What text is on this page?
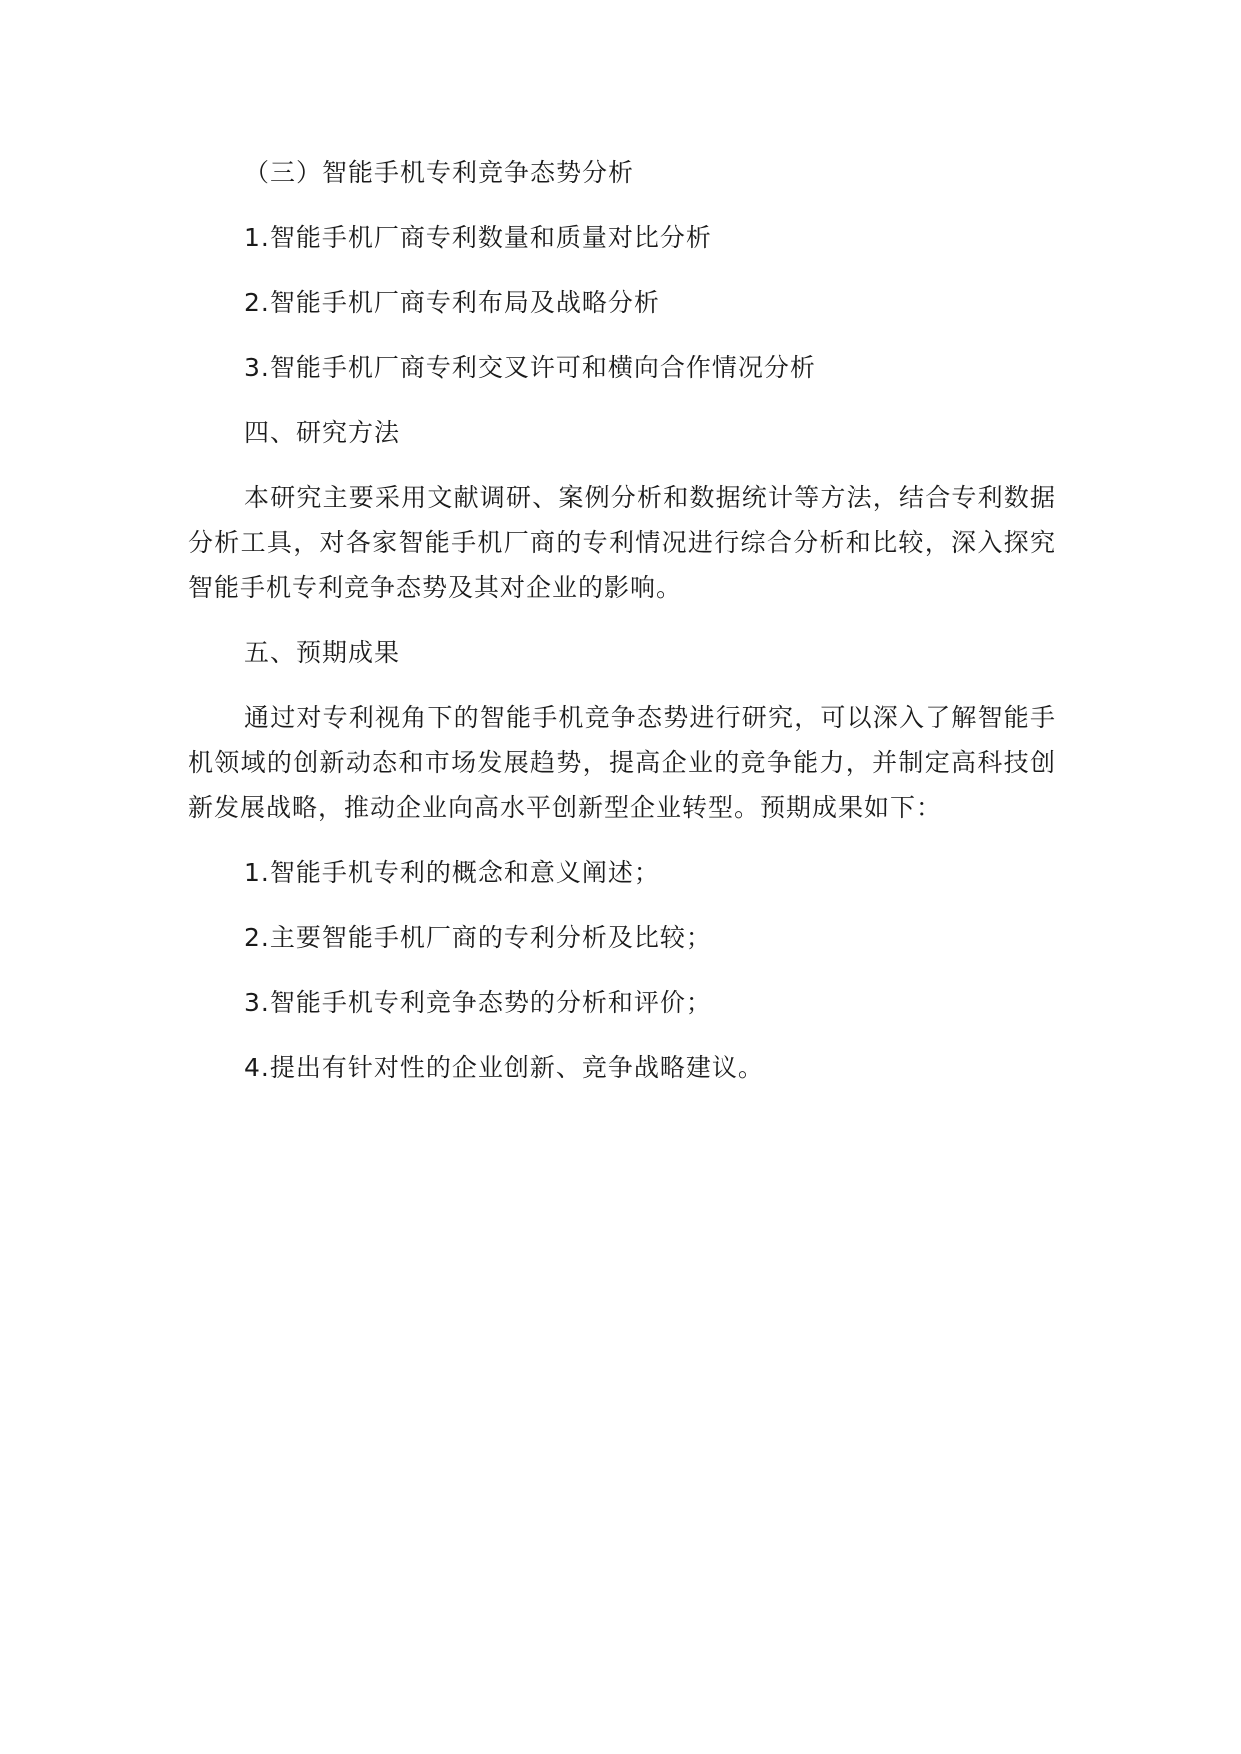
（三）智能手机专利竞争态势分析

1.智能手机厂商专利数量和质量对比分析

2.智能手机厂商专利布局及战略分析

3.智能手机厂商专利交叉许可和横向合作情况分析

四、研究方法

本研究主要采用文献调研、案例分析和数据统计等方法，结合专利数据分析工具，对各家智能手机厂商的专利情况进行综合分析和比较，深入探究智能手机专利竞争态势及其对企业的影响。

五、预期成果

通过对专利视角下的智能手机竞争态势进行研究，可以深入了解智能手机领域的创新动态和市场发展趋势，提高企业的竞争能力，并制定高科技创新发展战略，推动企业向高水平创新型企业转型。预期成果如下：

1.智能手机专利的概念和意义阐述；

2.主要智能手机厂商的专利分析及比较；

3.智能手机专利竞争态势的分析和评价；

4.提出有针对性的企业创新、竞争战略建议。
